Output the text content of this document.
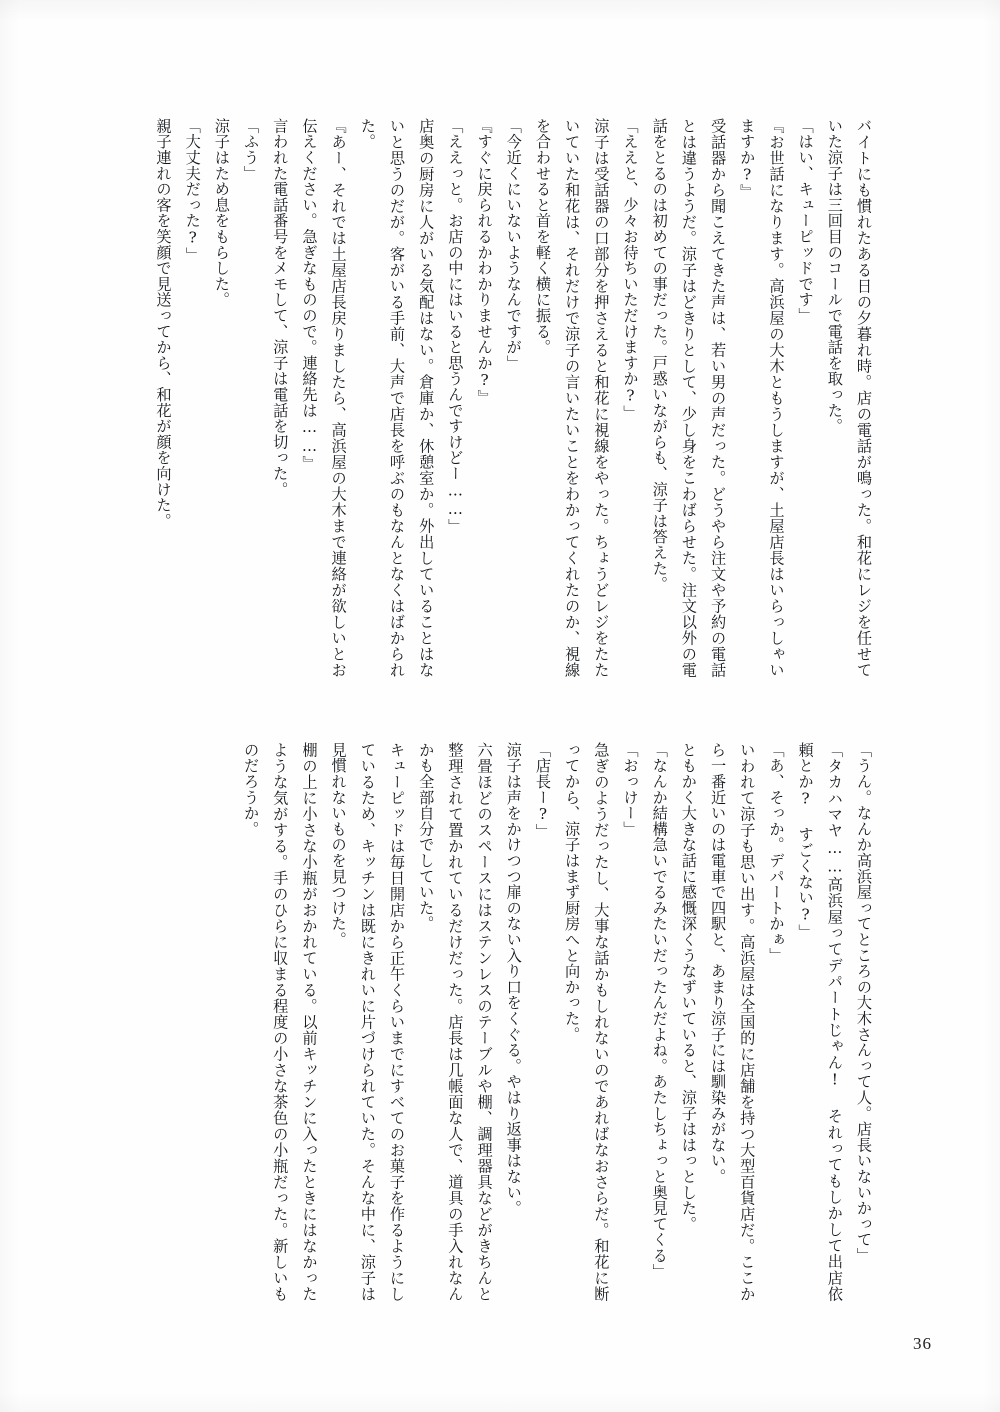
バイトにも慣れたある日の夕暮れ時。店の電話が鳴った。和花にレジを任せていた涼子は三回目のコールで電話を取った。

「はい、キューピッドです」

『お世話になります。高浜屋の大木ともうしますが、土屋店長はいらっしゃいますか?』

受話器から聞こえてきた声は、若い男の声だった。どうやら注文や予約の電話とは違うようだ。涼子はどきりとして、少し身をこわばらせた。注文以外の電話をとるのは初めての事だった。戸惑いながらも、涼子は答えた。

「ええと、少々お待ちいただけますか?」

涼子は受話器の口部分を押さえると和花に視線をやった。ちょうどレジをたたいていた和花は、それだけで涼子の言いたいことをわかってくれたのか、視線を合わせると首を軽く横に振る。

「今近くにいないようなんですが」

『すぐに戻られるかわかりませんか?』

「ええっと。お店の中にはいると思うんですけどー……」

店奥の厨房に人がいる気配はない。倉庫か、休憩室か。外出していることはないと思うのだが。客がいる手前、大声で店長を呼ぶのもなんとなくはばかられた。

『あー、それでは土屋店長戻りましたら、高浜屋の大木まで連絡が欲しいとお伝えください。急ぎなものので。連絡先は……』

言われた電話番号をメモして、涼子は電話を切った。

「ふう」

涼子はため息をもらした。

「大丈夫だった?」

親子連れの客を笑顔で見送ってから、和花が顔を向けた。

「うん。なんか高浜屋ってところの大木さんって人。店長いないかって」

「タカハマヤ……高浜屋ってデパートじゃん! それってもしかして出店依頼とか? すごくない?」

「あ、そっか。デパートかぁ」

いわれて涼子も思い出す。高浜屋は全国的に店舗を持つ大型百貨店だ。ここから一番近いのは電車で四駅と、あまり涼子には馴染みがない。

ともかく大きな話に感慨深くうなずいていると、涼子ははっとした。

「なんか結構急いでるみたいだったんだよね。あたしちょっと奥見てくる」

「おっけー」

急ぎのようだったし、大事な話かもしれないのであればなおさらだ。和花に断ってから、涼子はまず厨房へと向かった。

「店長ー?」

涼子は声をかけつつ扉のない入り口をくぐる。やはり返事はない。

六畳ほどのスペースにはステンレスのテーブルや棚、調理器具などがきちんと整理されて置かれているだけだった。店長は几帳面な人で、道具の手入れなんかも全部自分でしていた。

キューピッドは毎日開店から正午くらいまでにすべてのお菓子を作るようにしているため、キッチンは既にきれいに片づけられていた。そんな中に、涼子は見慣れないものを見つけた。

棚の上に小さな小瓶がおかれている。以前キッチンに入ったときにはなかったような気がする。手のひらに収まる程度の小さな茶色の小瓶だった。新しいものだろうか。

36
